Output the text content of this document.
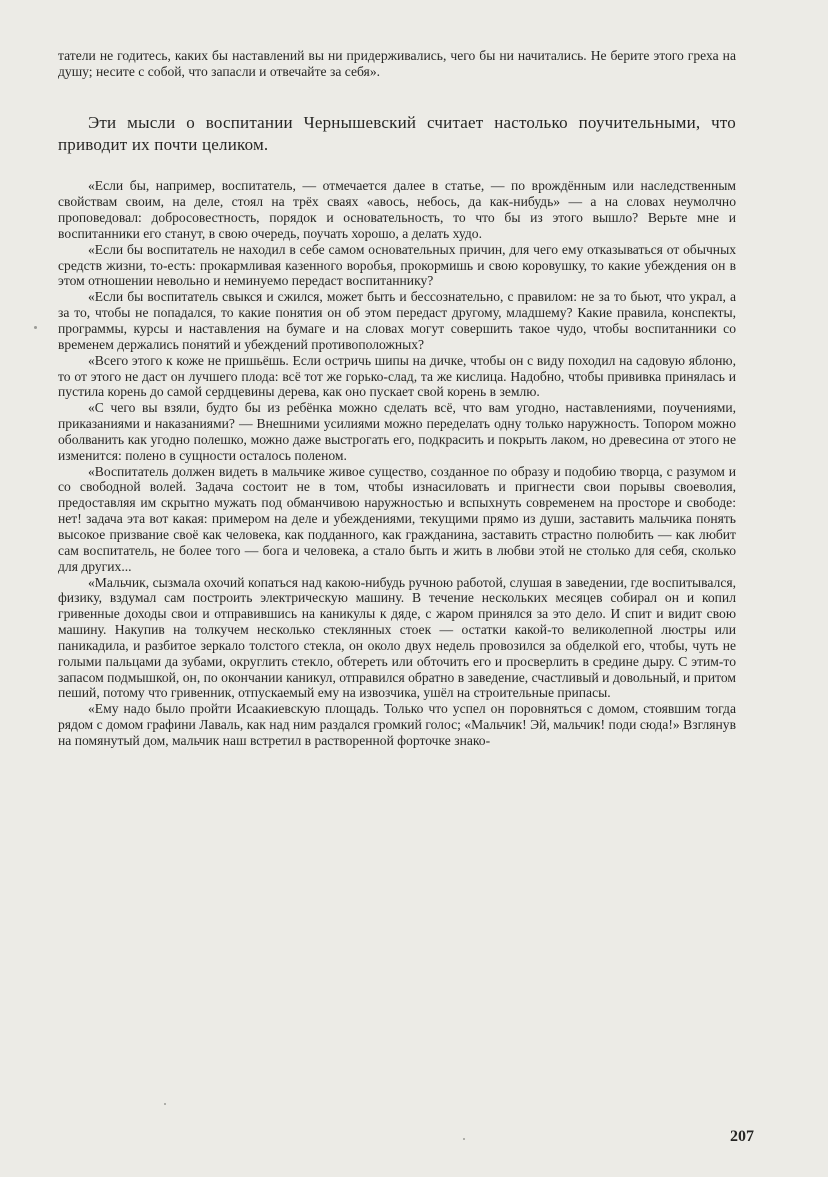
татели не годитесь, каких бы наставлений вы ни придерживались, чего бы ни начитались. Не берите этого греха на душу; несите с собой, что запасли и отвечайте за себя».

Эти мысли о воспитании Чернышевский считает настолько поучительными, что приводит их почти целиком.

«Если бы, например, воспитатель, — отмечается далее в статье, — по врождённым или наследственным свойствам своим, на деле, стоял на трёх сваях «авось, небось, да как-нибудь» — а на словах неумолчно проповедовал: добросовестность, порядок и основательность, то что бы из этого вышло? Верьте мне и воспитанники его станут, в свою очередь, поучать хорошо, а делать худо.

«Если бы воспитатель не находил в себе самом основательных причин, для чего ему отказываться от обычных средств жизни, то-есть: прокармливая казенного воробья, прокормишь и свою коровушку, то какие убеждения он в этом отношении невольно и неминуемо передаст воспитаннику?

«Если бы воспитатель свыкся и сжился, может быть и бессознательно, с правилом: не за то бьют, что украл, а за то, чтобы не попадался, то какие понятия он об этом передаст другому, младшему? Какие правила, конспекты, программы, курсы и наставления на бумаге и на словах могут совершить такое чудо, чтобы воспитанники со временем держались понятий и убеждений противоположных?

«Всего этого к коже не пришьёшь. Если остричь шипы на дичке, чтобы он с виду походил на садовую яблоню, то от этого не даст он лучшего плода: всё тот же горько-слад, та же кислица. Надобно, чтобы прививка принялась и пустила корень до самой сердцевины дерева, как оно пускает свой корень в землю.

«С чего вы взяли, будто бы из ребёнка можно сделать всё, что вам угодно, наставлениями, поучениями, приказаниями и наказаниями? — Внешними усилиями можно переделать одну только наружность. Топором можно оболванить как угодно полешко, можно даже выстрогать его, подкрасить и покрыть лаком, но древесина от этого не изменится: полено в сущности осталось поленом.

«Воспитатель должен видеть в мальчике живое существо, созданное по образу и подобию творца, с разумом и со свободной волей. Задача состоит не в том, чтобы изнасиловать и пригнести свои порывы своеволия, предоставляя им скрытно мужать под обманчивою наружностью и вспыхнуть современем на просторе и свободе: нет! задача эта вот какая: примером на деле и убеждениями, текущими прямо из души, заставить мальчика понять высокое призвание своё как человека, как подданного, как гражданина, заставить страстно полюбить — как любит сам воспитатель, не более того — бога и человека, а стало быть и жить в любви этой не столько для себя, сколько для других...

«Мальчик, сызмала охочий копаться над какою-нибудь ручною работой, слушая в заведении, где воспитывался, физику, вздумал сам построить электрическую машину. В течение нескольких месяцев собирал он и копил гривенные доходы свои и отправившись на каникулы к дяде, с жаром принялся за это дело. И спит и видит свою машину. Накупив на толкучем несколько стеклянных стоек — остатки какой-то великолепной люстры или паникадила, и разбитое зеркало толстого стекла, он около двух недель провозился за обделкой его, чтобы, чуть не голыми пальцами да зубами, округлить стекло, обтереть или обточить его и просверлить в средине дыру. С этим-то запасом подмышкой, он, по окончании каникул, отправился обратно в заведение, счастливый и довольный, и притом пеший, потому что гривенник, отпускаемый ему на извозчика, ушёл на строительные припасы.

«Ему надо было пройти Исаакиевскую площадь. Только что успел он поровняться с домом, стоявшим тогда рядом с домом графини Лаваль, как над ним раздался громкий голос; «Мальчик! Эй, мальчик! поди сюда!» Взглянув на помянутый дом, мальчик наш встретил в растворенной форточке знако-

207
